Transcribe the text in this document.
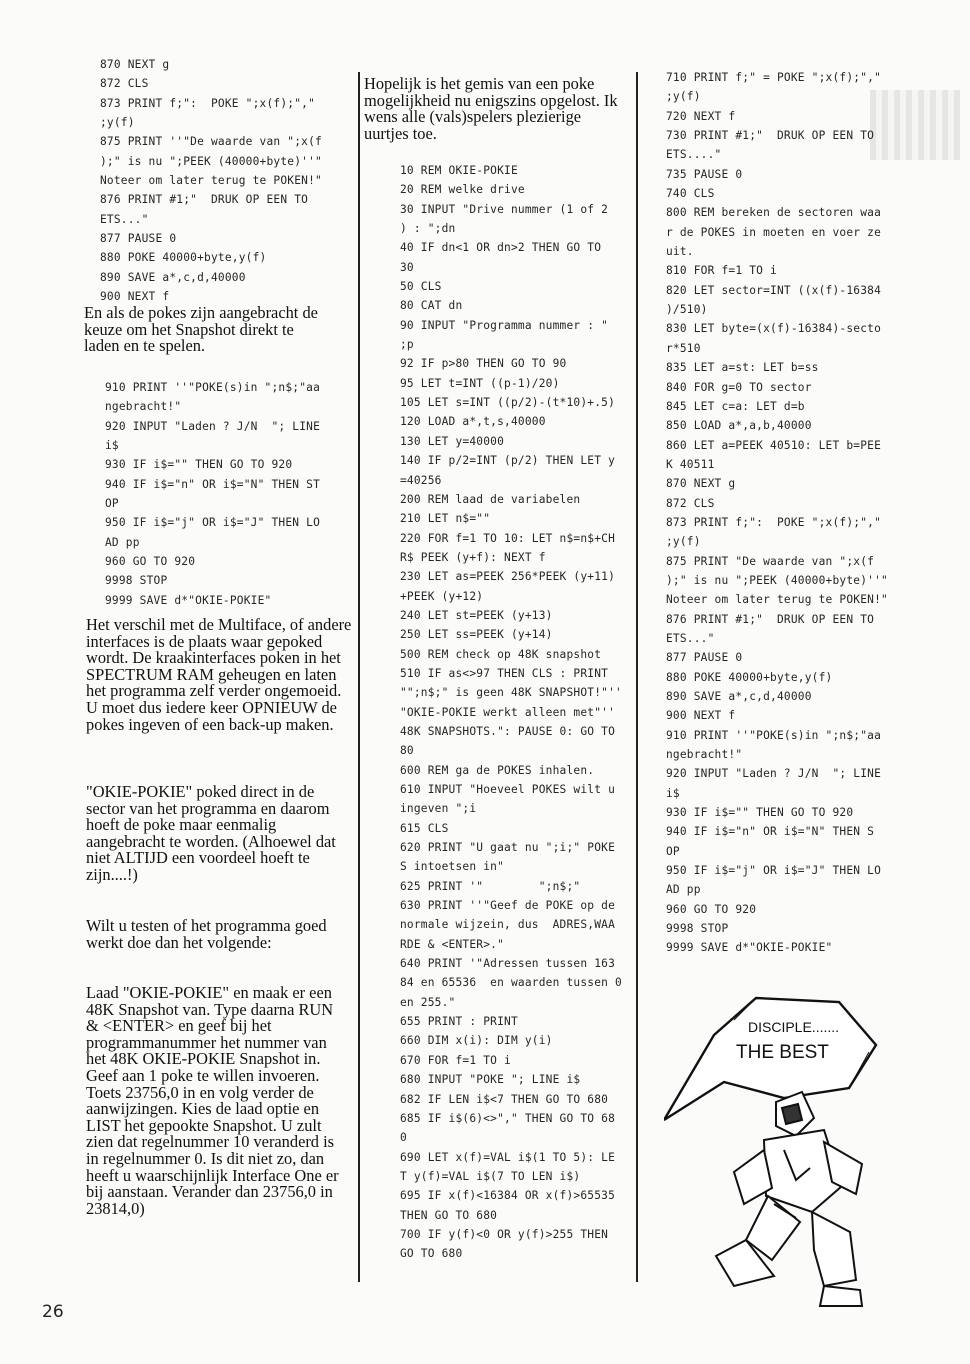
870 NEXT g
872 CLS
873 PRINT f;":  POKE ";x(f);","
;y(f)
875 PRINT ''"De waarde van ";x(f
);" is nu ";PEEK (40000+byte)''"
Noteer om later terug te POKEN!"
876 PRINT #1;"  DRUK OP EEN TO
ETS..."
877 PAUSE 0
880 POKE 40000+byte,y(f)
890 SAVE a*,c,d,40000
900 NEXT f

En als de pokes zijn aangebracht de keuze om het Snapshot direkt te laden en te spelen.

910 PRINT ''"POKE(s)in ";n$;"aa
ngebracht!"
920 INPUT "Laden ? J/N  "; LINE
i$
930 IF i$="" THEN GO TO 920
940 IF i$="n" OR i$="N" THEN ST
OP
950 IF i$="j" OR i$="J" THEN LO
AD pp
960 GO TO 920
9998 STOP
9999 SAVE d*"OKIE-POKIE"

Het verschil met de Multiface, of andere interfaces is de plaats waar gepoked wordt. De kraakinterfaces poken in het SPECTRUM RAM geheugen en laten het programma zelf verder ongemoeid. U moet dus iedere keer OPNIEUW de pokes ingeven of een back-up maken.

"OKIE-POKIE" poked direct in de sector van het programma en daarom hoeft de poke maar eenmalig aangebracht te worden. (Alhoewel dat niet ALTIJD een voordeel hoeft te zijn....!)

Wilt u testen of het programma goed werkt doe dan het volgende:

Laad "OKIE-POKIE" en maak er een 48K Snapshot van. Type daarna RUN & <ENTER> en geef bij het programmanummer het nummer van het 48K OKIE-POKIE Snapshot in. Geef aan 1 poke te willen invoeren. Toets 23756,0 in en volg verder de aanwijzingen. Kies de laad optie en LIST het gepookte Snapshot. U zult zien dat regelnummer 10 veranderd is in regelnummer 0. Is dit niet zo, dan heeft u waarschijnlijk Interface One er bij aanstaan. Verander dan 23756,0 in 23814,0)

26

Hopelijk is het gemis van een poke mogelijkheid nu enigszins opgelost. Ik wens alle (vals)spelers plezierige uurtjes toe.

10 REM OKIE-POKIE
20 REM welke drive
30 INPUT "Drive nummer (1 of 2
) : ";dn
40 IF dn<1 OR dn>2 THEN GO TO
30
50 CLS
80 CAT dn
90 INPUT "Programma nummer : "
;p
92 IF p>80 THEN GO TO 90
95 LET t=INT ((p-1)/20)
105 LET s=INT ((p/2)-(t*10)+.5)
120 LOAD a*,t,s,40000
130 LET y=40000
140 IF p/2=INT (p/2) THEN LET y
=40256
200 REM laad de variabelen
210 LET n$=""
220 FOR f=1 TO 10: LET n$=n$+CH
R$ PEEK (y+f): NEXT f
230 LET as=PEEK 256*PEEK (y+11)
+PEEK (y+12)
240 LET st=PEEK (y+13)
250 LET ss=PEEK (y+14)
500 REM check op 48K snapshot
510 IF as<>97 THEN CLS : PRINT
"";n$;" is geen 48K SNAPSHOT!"''
"OKIE-POKIE werkt alleen met"''
48K SNAPSHOTS.": PAUSE 0: GO TO
80
600 REM ga de POKES inhalen.
610 INPUT "Hoeveel POKES wilt u
ingeven ";i
615 CLS
620 PRINT "U gaat nu ";i;" POKE
S intoetsen in"
625 PRINT '"        ";n$;"
630 PRINT ''"Geef de POKE op de
normale wijzein, dus  ADRES,WAA
RDE & <ENTER>."
640 PRINT '"Adressen tussen 163
84 en 65536  en waarden tussen 0
en 255."
655 PRINT : PRINT
660 DIM x(i): DIM y(i)
670 FOR f=1 TO i
680 INPUT "POKE "; LINE i$
682 IF LEN i$<7 THEN GO TO 680
685 IF i$(6)<>"," THEN GO TO 68
0
690 LET x(f)=VAL i$(1 TO 5): LE
T y(f)=VAL i$(7 TO LEN i$)
695 IF x(f)<16384 OR x(f)>65535
THEN GO TO 680
700 IF y(f)<0 OR y(f)>255 THEN
GO TO 680
710 PRINT f;" = POKE ";x(f);","
;y(f)
720 NEXT f
730 PRINT #1;"  DRUK OP EEN TO
ETS...."
735 PAUSE 0
740 CLS
800 REM bereken de sectoren waa
r de POKES in moeten en voer ze
uit.
810 FOR f=1 TO i
820 LET sector=INT ((x(f)-16384
)/510)
830 LET byte=(x(f)-16384)-secto
r*510
835 LET a=st: LET b=ss
840 FOR g=0 TO sector
845 LET c=a: LET d=b
850 LOAD a*,a,b,40000
860 LET a=PEEK 40510: LET b=PEE
K 40511
870 NEXT g
872 CLS
873 PRINT f;":  POKE ";x(f);","
;y(f)
875 PRINT "De waarde van ";x(f
);" is nu ";PEEK (40000+byte)''"
Noteer om later terug te POKEN!"
876 PRINT #1;"  DRUK OP EEN TO
ETS..."
877 PAUSE 0
880 POKE 40000+byte,y(f)
890 SAVE a*,c,d,40000
900 NEXT f
910 PRINT ''"POKE(s)in ";n$;"aa
ngebracht!"
920 INPUT "Laden ? J/N  "; LINE
i$
930 IF i$="" THEN GO TO 920
940 IF i$="n" OR i$="N" THEN S
OP
950 IF i$="j" OR i$="J" THEN LO
AD pp
960 GO TO 920
9998 STOP
9999 SAVE d*"OKIE-POKIE"
DISCIPLE.......
THE BEST
